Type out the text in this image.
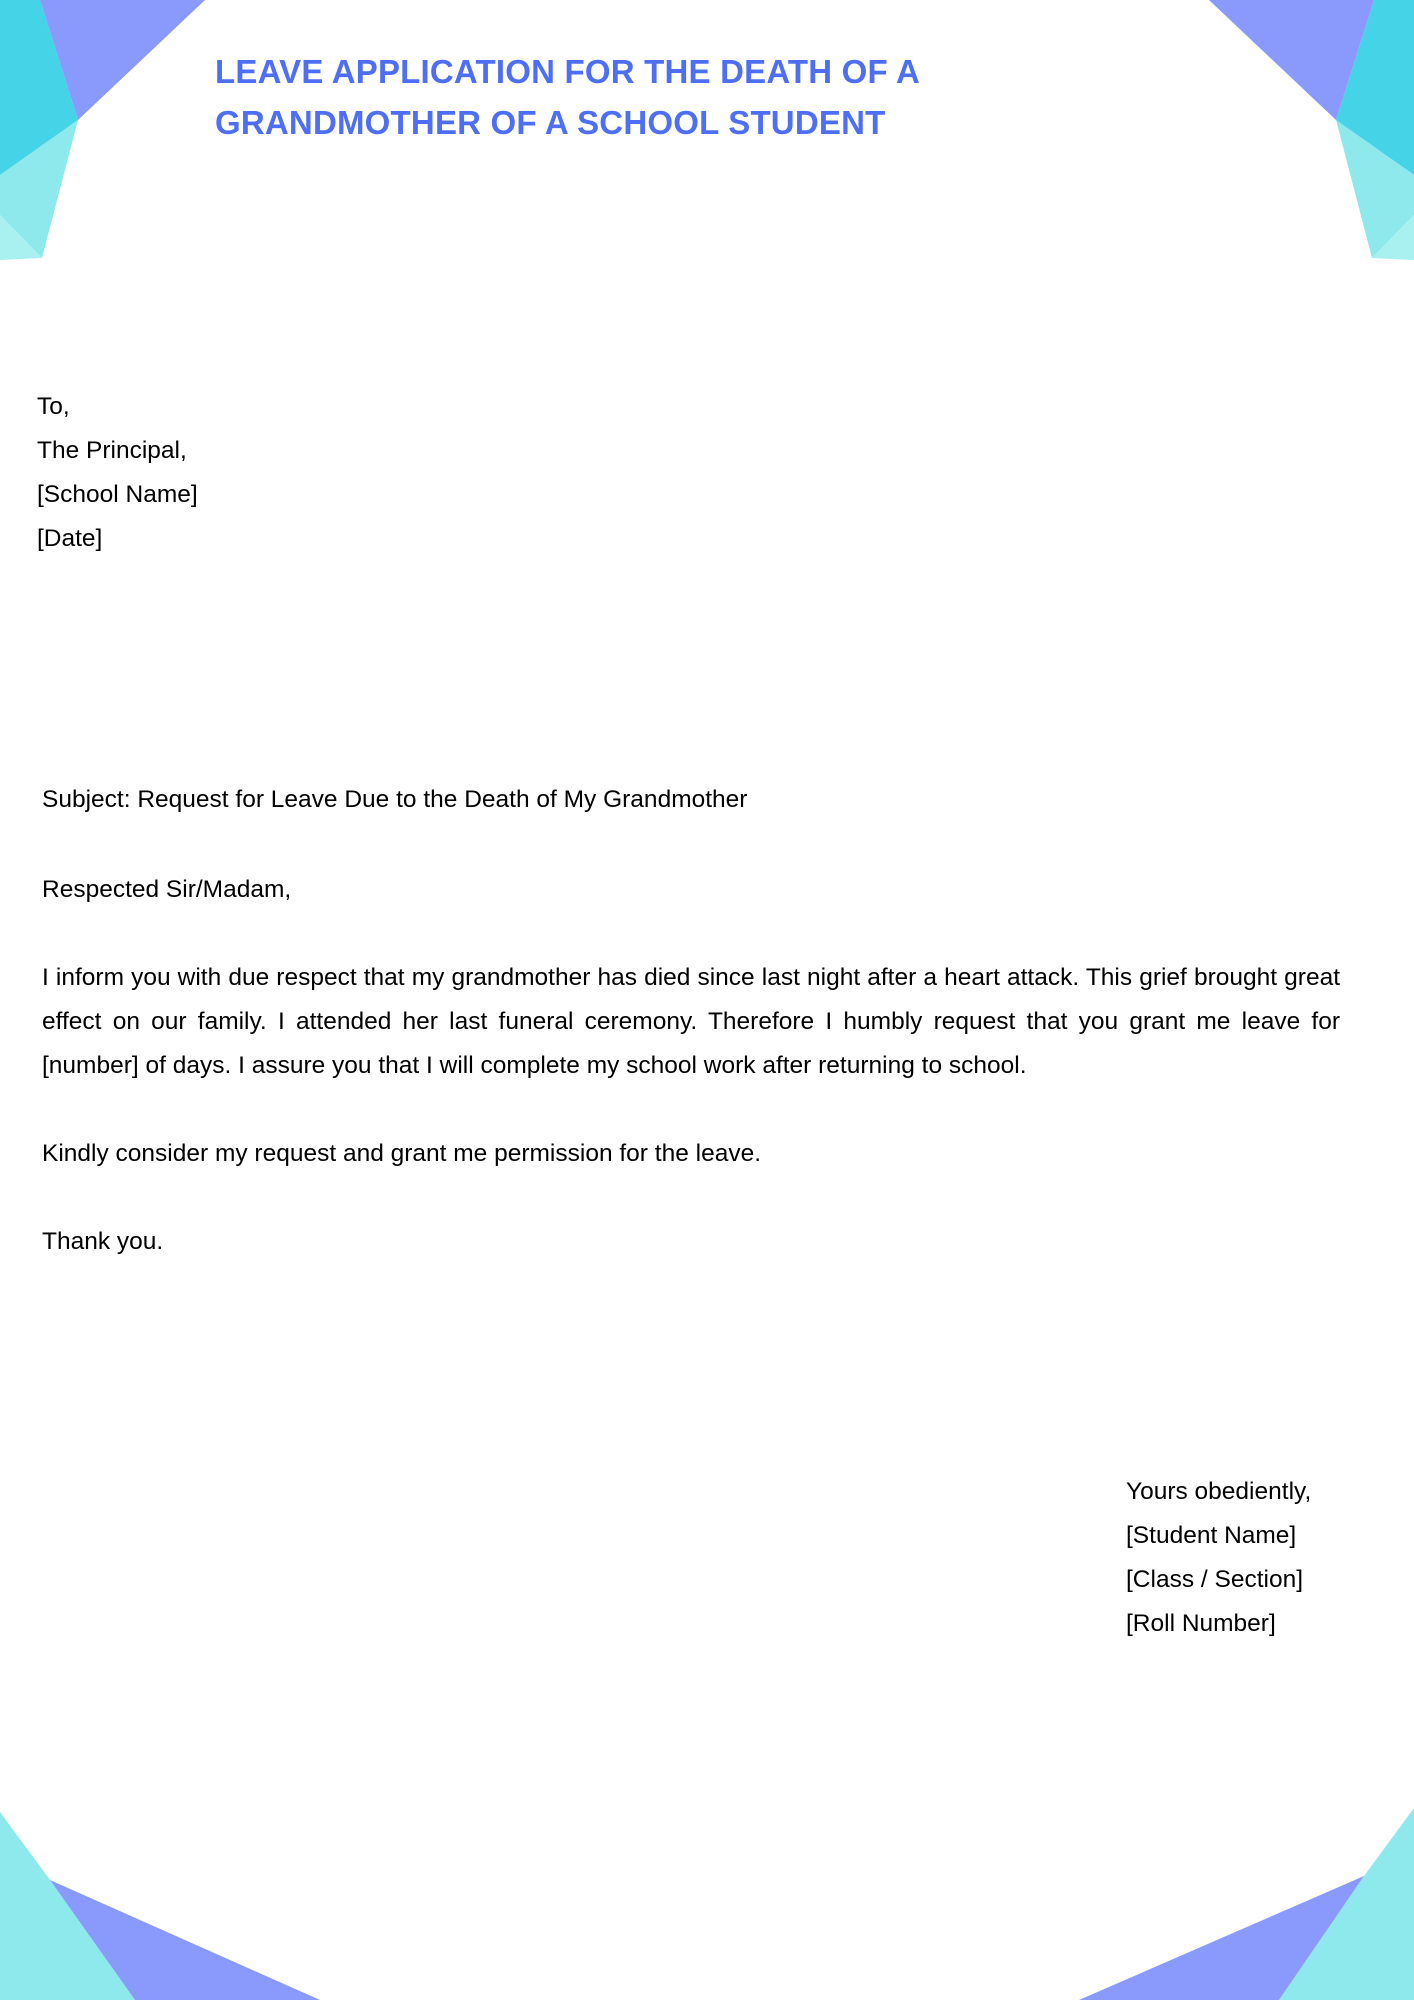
LEAVE APPLICATION FOR THE DEATH OF A GRANDMOTHER OF A SCHOOL STUDENT
To,
The Principal,
[School Name]
[Date]

Subject: Request for Leave Due to the Death of My Grandmother

Respected Sir/Madam,

I inform you with due respect that my grandmother has died since last night after a heart attack. This grief brought great effect on our family. I attended her last funeral ceremony. Therefore I humbly request that you grant me leave for [number] of days. I assure you that I will complete my school work after returning to school.

Kindly consider my request and grant me permission for the leave.

Thank you.

Yours obediently,
[Student Name]
[Class / Section]
[Roll Number]
